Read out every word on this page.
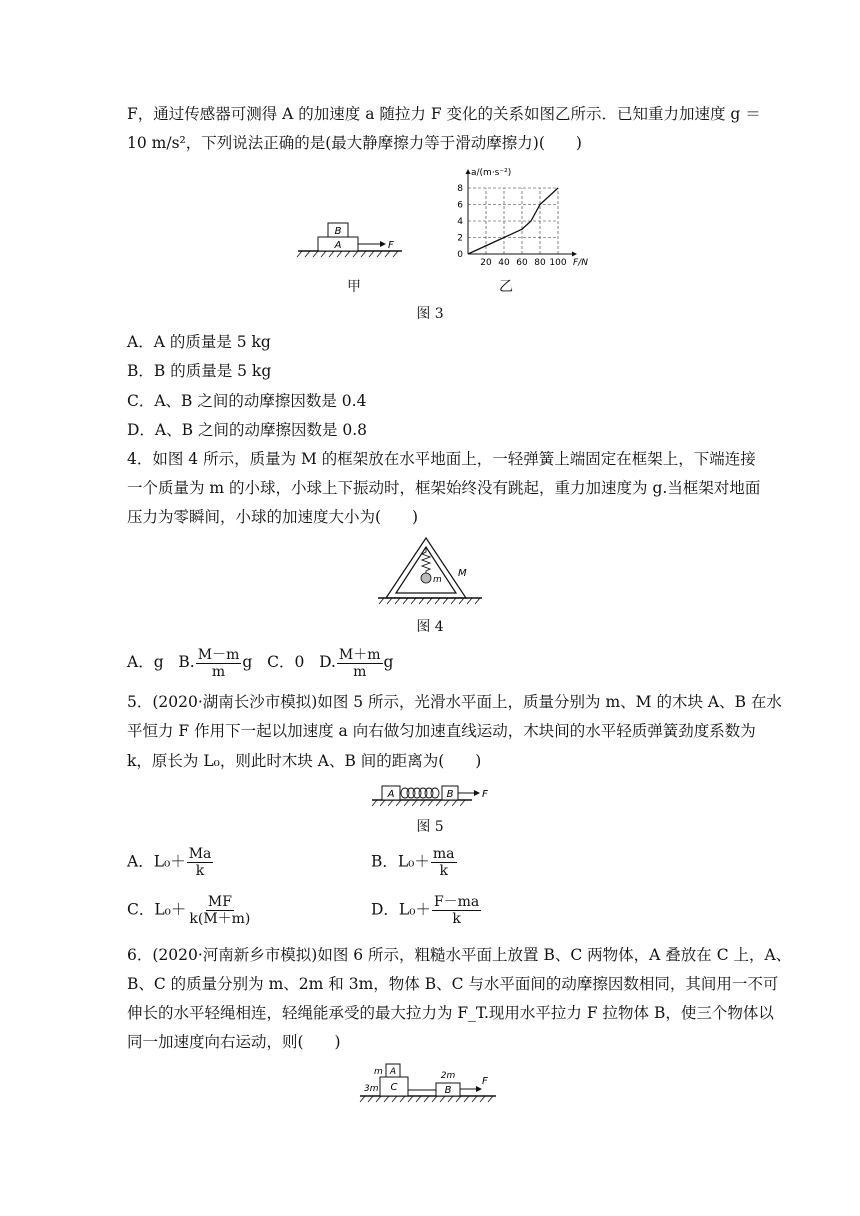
F，通过传感器可测得 A 的加速度 a 随拉力 F 变化的关系如图乙所示．已知重力加速度 g ＝
10 m/s²，下列说法正确的是(最大静摩擦力等于滑动摩擦力)(　　)
B
A	F
20 40 60 80 100
0
2
4
6
8
a/(m·s⁻²)
F/N
甲	乙
图 3
A．A 的质量是 5 kg
B．B 的质量是 5 kg
C．A、B 之间的动摩擦因数是 0.4
D．A、B 之间的动摩擦因数是 0.8
4．如图 4 所示，质量为 M 的框架放在水平地面上，一轻弹簧上端固定在框架上，下端连接
一个质量为 m 的小球，小球上下振动时，框架始终没有跳起，重力加速度为 g.当框架对地面
压力为零瞬间，小球的加速度大小为(　　)
m
M
图 4
A．g B. $\frac{M-m}{m}$ g C．0 D. $\frac{M+m}{m}$ g
5．(2020·湖南长沙市模拟)如图 5 所示，光滑水平面上，质量分别为 m、M 的木块 A、B 在水
平恒力 F 作用下一起以加速度 a 向右做匀加速直线运动，木块间的水平轻质弹簧劲度系数为
k，原长为 L₀，则此时木块 A、B 间的距离为(　　)
A	B	F
图 5
A．$L_0+ \frac{Ma}{k}$	B．$L_0+ \frac{ma}{k}$
C．$L_0+ \frac{MF}{k(M+m)}$	D．$L_0+ \frac{F-ma}{k}$
6．(2020·河南新乡市模拟)如图 6 所示，粗糙水平面上放置 B、C 两物体，A 叠放在 C 上，A、
B、C 的质量分别为 m、2m 和 3m，物体 B、C 与水平面间的动摩擦因数相同，其间用一不可
伸长的水平轻绳相连，轻绳能承受的最大拉力为 F_T.现用水平拉力 F 拉物体 B，使三个物体以
同一加速度向右运动，则(　　)
m A
3m C
2m
B
F
